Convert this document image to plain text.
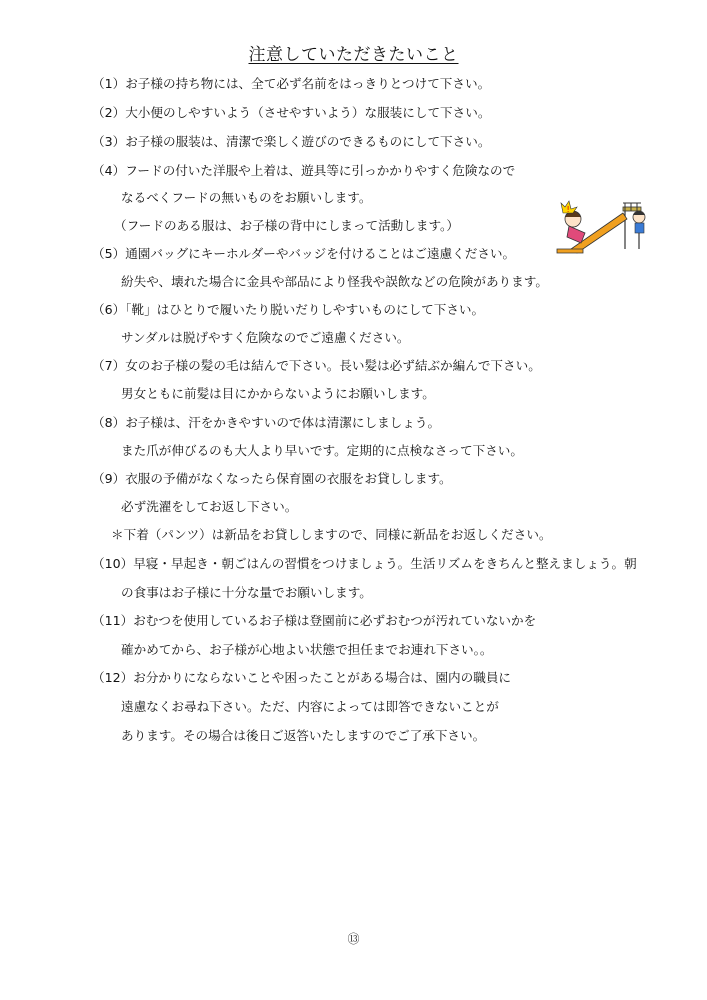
注意していただきたいこと
（1）お子様の持ち物には、全て必ず名前をはっきりとつけて下さい。
（2）大小便のしやすいよう（させやすいよう）な服装にして下さい。
（3）お子様の服装は、清潔で楽しく遊びのできるものにして下さい。
（4）フードの付いた洋服や上着は、遊具等に引っかかりやすく危険なので
なるべくフードの無いものをお願いします。
（フードのある服は、お子様の背中にしまって活動します。）
（5）通園バッグにキーホルダーやバッジを付けることはご遠慮ください。
紛失や、壊れた場合に金具や部品により怪我や誤飲などの危険があります。
（6）「靴」はひとりで履いたり脱いだりしやすいものにして下さい。
サンダルは脱げやすく危険なのでご遠慮ください。
（7）女のお子様の髪の毛は結んで下さい。長い髪は必ず結ぶか編んで下さい。
男女ともに前髪は目にかからないようにお願いします。
（8）お子様は、汗をかきやすいので体は清潔にしましょう。
また爪が伸びるのも大人より早いです。定期的に点検なさって下さい。
（9）衣服の予備がなくなったら保育園の衣服をお貸しします。
必ず洗濯をしてお返し下さい。
＊下着（パンツ）は新品をお貸ししますので、同様に新品をお返しください。
（10）早寝・早起き・朝ごはんの習慣をつけましょう。生活リズムをきちんと整えましょう。朝
の食事はお子様に十分な量でお願いします。
（11）おむつを使用しているお子様は登園前に必ずおむつが汚れていないかを
確かめてから、お子様が心地よい状態で担任までお連れ下さい。。
（12）お分かりにならないことや困ったことがある場合は、園内の職員に
遠慮なくお尋ね下さい。ただ、内容によっては即答できないことが
あります。その場合は後日ご返答いたしますのでご了承下さい。
!
⑬
